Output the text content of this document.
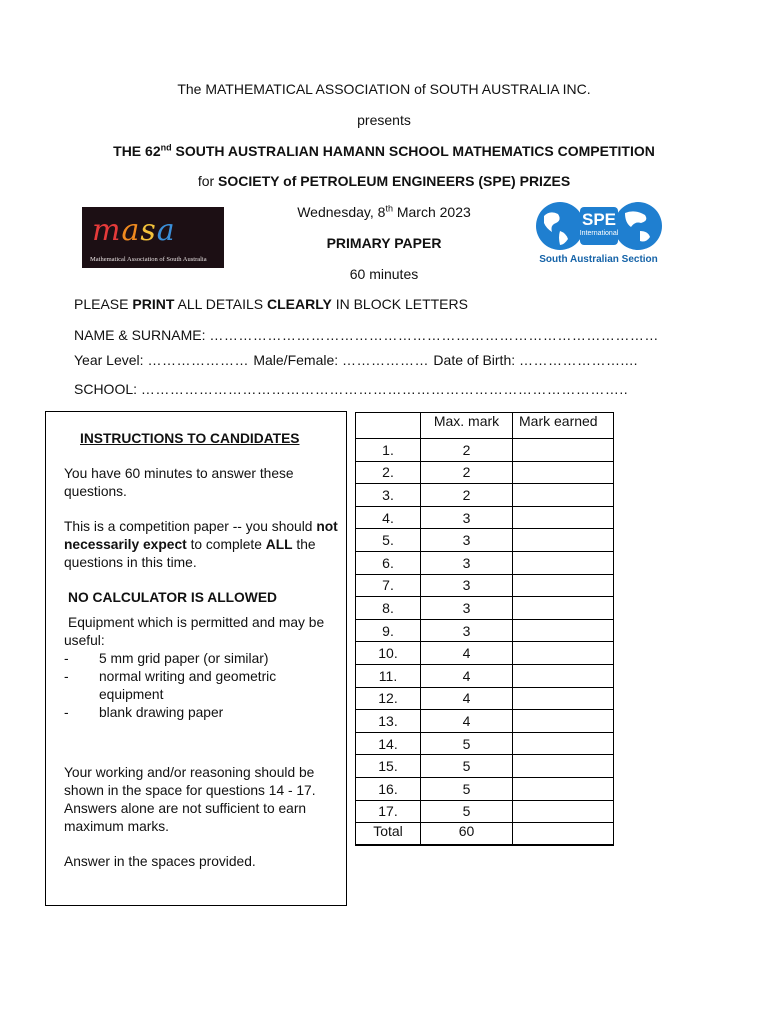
The MATHEMATICAL ASSOCIATION of SOUTH AUSTRALIA INC.
presents
THE 62nd SOUTH AUSTRALIAN HAMANN SCHOOL MATHEMATICS COMPETITION
for SOCIETY of PETROLEUM ENGINEERS (SPE) PRIZES
Wednesday, 8th March 2023
PRIMARY PAPER
60 minutes
masa
Mathematical Association of South Australia
SPE
International
South Australian Section
PLEASE PRINT ALL DETAILS CLEARLY IN BLOCK LETTERS
NAME & SURNAME: …………………………………………………………………………………
Year Level: ………………… Male/Female: ……………… Date of Birth: …………………....
SCHOOL: ………………………………………………………………………………………..
INSTRUCTIONS TO CANDIDATES

You have 60 minutes to answer these questions.

This is a competition paper -- you should not necessarily expect to complete ALL the questions in this time.

NO CALCULATOR IS ALLOWED

Equipment which is permitted and may be useful:

- 5 mm grid paper (or similar)
- normal writing and geometric equipment
- blank drawing paper

Your working and/or reasoning should be shown in the space for questions 14 - 17. Answers alone are not sufficient to earn maximum marks.

Answer in the spaces provided.

	Max. mark	Mark earned
1.	2	
2.	2	
3.	2	
4.	3	
5.	3	
6.	3	
7.	3	
8.	3	
9.	3	
10.	4	
11.	4	
12.	4	
13.	4	
14.	5	
15.	5	
16.	5	
17.	5	
Total	60	
